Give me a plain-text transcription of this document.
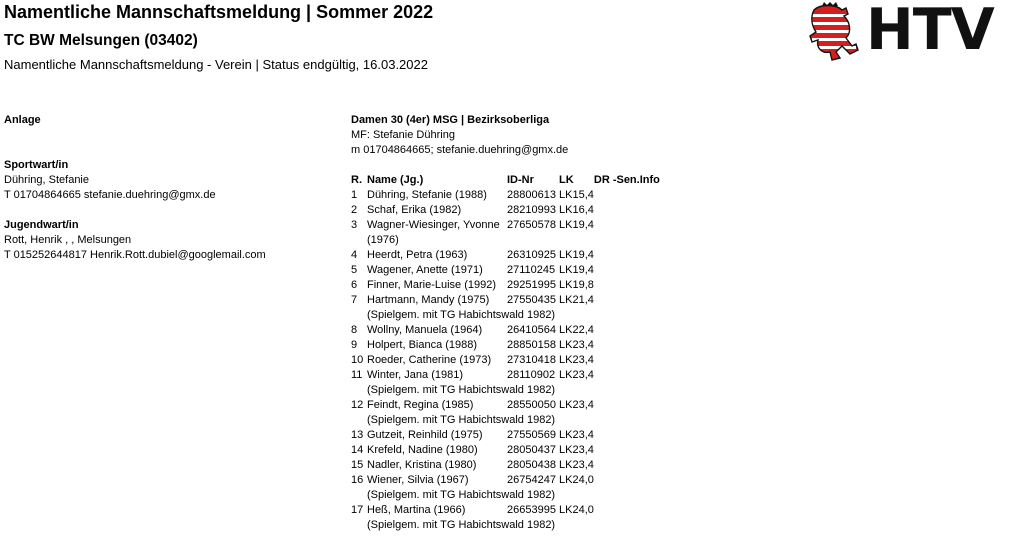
Namentliche Mannschaftsmeldung | Sommer 2022
TC BW Melsungen (03402)
Namentliche Mannschaftsmeldung - Verein | Status endgültig, 16.03.2022
HTV
Anlage
Sportwart/in
Dühring, Stefanie
T 01704864665 stefanie.duehring@gmx.de
Jugendwart/in
Rott, Henrik , , Melsungen
T 015252644817 Henrik.Rott.dubiel@googlemail.com
Damen 30 (4er) MSG | Bezirksoberliga
MF: Stefanie Dühring
m 01704864665; stefanie.duehring@gmx.de
R.	Name (Jg.)	ID-Nr	LK	DR -Sen.Info
1	Dühring, Stefanie (1988)	28800613	LK15,4	
2	Schaf, Erika (1982)	28210993	LK16,4	
3	Wagner-Wiesinger, Yvonne (1976)	27650578	LK19,4	
4	Heerdt, Petra (1963)	26310925	LK19,4	
5	Wagener, Anette (1971)	27110245	LK19,4	
6	Finner, Marie-Luise (1992)	29251995	LK19,8	
7	Hartmann, Mandy (1975)	27550435	LK21,4	
	(Spielgem. mit TG Habichtswald 1982)			
8	Wollny, Manuela (1964)	26410564	LK22,4	
9	Holpert, Bianca (1988)	28850158	LK23,4	
10	Roeder, Catherine (1973)	27310418	LK23,4	
11	Winter, Jana (1981)	28110902	LK23,4	
	(Spielgem. mit TG Habichtswald 1982)			
12	Feindt, Regina (1985)	28550050	LK23,4	
	(Spielgem. mit TG Habichtswald 1982)			
13	Gutzeit, Reinhild (1975)	27550569	LK23,4	
14	Krefeld, Nadine (1980)	28050437	LK23,4	
15	Nadler, Kristina (1980)	28050438	LK23,4	
16	Wiener, Silvia (1967)	26754247	LK24,0	
	(Spielgem. mit TG Habichtswald 1982)			
17	Heß, Martina (1966)	26653995	LK24,0	
	(Spielgem. mit TG Habichtswald 1982)			
